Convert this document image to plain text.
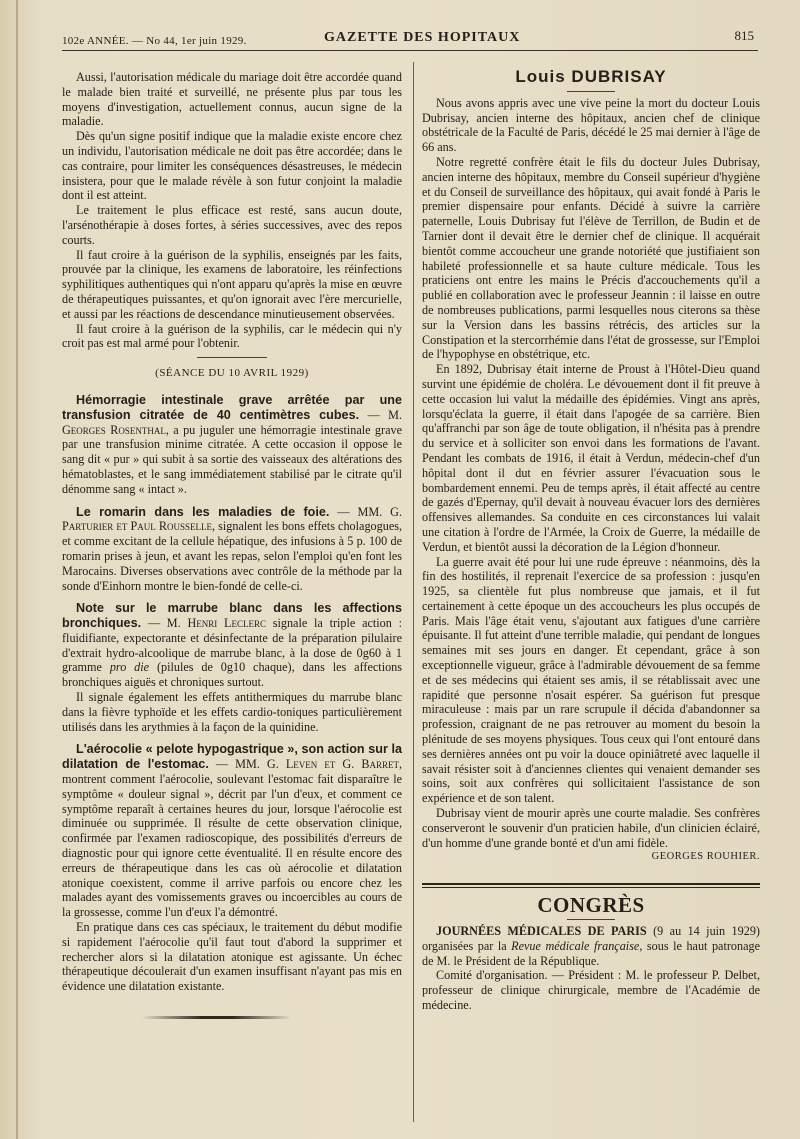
102e ANNÉE. — No 44, 1er juin 1929.	GAZETTE DES HOPITAUX	815

Aussi, l'autorisation médicale du mariage doit être accordée quand le malade bien traité et surveillé, ne présente plus par tous les moyens d'investigation, actuellement connus, aucun signe de la maladie.

Dès qu'un signe positif indique que la maladie existe encore chez un individu, l'autorisation médicale ne doit pas être accordée; dans le cas contraire, pour limiter les conséquences désastreuses, le médecin insistera, pour que le malade révèle à son futur conjoint la maladie dont il est atteint.

Le traitement le plus efficace est resté, sans aucun doute, l'arsénothérapie à doses fortes, à séries successives, avec des repos courts.

Il faut croire à la guérison de la syphilis, enseignés par les faits, prouvée par la clinique, les examens de laboratoire, les réinfections syphilitiques authentiques qui n'ont apparu qu'après la mise en œuvre de thérapeutiques puissantes, et qu'on ignorait avec l'ère mercurielle, et aussi par les réactions de descendance minutieusement observées.

Il faut croire à la guérison de la syphilis, car le médecin qui n'y croit pas est mal armé pour l'obtenir.

(SÉANCE DU 10 AVRIL 1929)

Hémorragie intestinale grave arrêtée par une transfusion citratée de 40 centimètres cubes. — M. Georges Rosenthal, a pu juguler une hémorragie intestinale grave par une transfusion minime citratée. A cette occasion il oppose le sang dit « pur » qui subit à sa sortie des vaisseaux des altérations des hématoblastes, et le sang immédiatement stabilisé par le citrate qu'il dénomme sang « intact ».

Le romarin dans les maladies de foie. — MM. G. Parturier et Paul Rousselle, signalent les bons effets cholagogues, et comme excitant de la cellule hépatique, des infusions à 5 p. 100 de romarin prises à jeun, et avant les repas, selon l'emploi qu'en font les Marocains. Diverses observations avec contrôle de la méthode par la sonde d'Einhorn montre le bien-fondé de celle-ci.

Note sur le marrube blanc dans les affections bronchiques. — M. Henri Leclerc signale la triple action : fluidifiante, expectorante et désinfectante de la préparation pilulaire d'extrait hydro-alcoolique de marrube blanc, à la dose de 0g60 à 1 gramme pro die (pilules de 0g10 chaque), dans les affections bronchiques aiguës et chroniques surtout.

Il signale également les effets antithermiques du marrube blanc dans la fièvre typhoïde et les effets cardio-toniques particulièrement utilisés dans les arythmies à la façon de la quinidine.

L'aérocolie « pelote hypogastrique », son action sur la dilatation de l'estomac. — MM. G. Leven et G. Barret, montrent comment l'aérocolie, soulevant l'estomac fait disparaître le symptôme « douleur signal », décrit par l'un d'eux, et comment ce symptôme reparaît à certaines heures du jour, lorsque l'aérocolie est diminuée ou supprimée. Il résulte de cette observation clinique, confirmée par l'examen radioscopique, des possibilités d'erreurs de diagnostic pour qui ignore cette éventualité. Il en résulte encore des erreurs de thérapeutique dans les cas où aérocolie et dilatation atonique coexistent, comme il arrive parfois ou encore chez les malades ayant des vomissements graves ou incoercibles au cours de la grossesse, comme l'un d'eux l'a démontré.

En pratique dans ces cas spéciaux, le traitement du début modifie si rapidement l'aérocolie qu'il faut tout d'abord la supprimer et rechercher alors si la dilatation atonique est agissante. Un échec thérapeutique découlerait d'un examen insuffisant n'ayant pas mis en évidence une dilatation existante.

Louis DUBRISAY

Nous avons appris avec une vive peine la mort du docteur Louis Dubrisay, ancien interne des hôpitaux, ancien chef de clinique obstétricale de la Faculté de Paris, décédé le 25 mai dernier à l'âge de 66 ans.

Notre regretté confrère était le fils du docteur Jules Dubrisay, ancien interne des hôpitaux, membre du Conseil supérieur d'hygiène et du Conseil de surveillance des hôpitaux, qui avait fondé à Paris le premier dispensaire pour enfants. Décidé à suivre la carrière paternelle, Louis Dubrisay fut l'élève de Terrillon, de Budin et de Tarnier dont il devait être le dernier chef de clinique. Il acquérait bientôt comme accoucheur une grande notoriété que justifiaient son habileté professionnelle et sa haute culture médicale. Tous les praticiens ont entre les mains le Précis d'accouchements qu'il a publié en collaboration avec le professeur Jeannin : il laisse en outre de nombreuses publications, parmi lesquelles nous citerons sa thèse sur la Version dans les bassins rétrécis, des articles sur la Constipation et la stercorrhémie dans l'état de grossesse, sur l'Emploi de l'hypophyse en obstétrique, etc.

En 1892, Dubrisay était interne de Proust à l'Hôtel-Dieu quand survint une épidémie de choléra. Le dévouement dont il fit preuve à cette occasion lui valut la médaille des épidémies. Vingt ans après, lorsqu'éclata la guerre, il était dans l'apogée de sa carrière. Bien qu'affranchi par son âge de toute obligation, il n'hésita pas à prendre du service et à solliciter son envoi dans les formations de l'avant. Pendant les combats de 1916, il était à Verdun, médecin-chef d'un hôpital dont il dut en février assurer l'évacuation sous le bombardement ennemi. Peu de temps après, il était affecté au centre de gazés d'Epernay, qu'il devait à nouveau évacuer lors des dernières offensives allemandes. Sa conduite en ces circonstances lui valait une citation à l'ordre de l'Armée, la Croix de Guerre, la médaille de Verdun, et bientôt aussi la décoration de la Légion d'honneur.

La guerre avait été pour lui une rude épreuve : néanmoins, dès la fin des hostilités, il reprenait l'exercice de sa profession : jusqu'en 1925, sa clientèle fut plus nombreuse que jamais, et il fut certainement à cette époque un des accoucheurs les plus occupés de Paris. Mais l'âge était venu, s'ajoutant aux fatigues d'une carrière épuisante. Il fut atteint d'une terrible maladie, qui pendant de longues semaines mit ses jours en danger. Et cependant, grâce à son exceptionnelle vigueur, grâce à l'admirable dévouement de sa femme et de ses médecins qui étaient ses amis, il se rétablissait avec une rapidité que personne n'osait espérer. Sa guérison fut presque miraculeuse : mais par un rare scrupule il décida d'abandonner sa profession, craignant de ne pas retrouver au moment du besoin la plénitude de ses moyens physiques. Tous ceux qui l'ont entouré dans ses dernières années ont pu voir la douce opiniâtreté avec laquelle il savait résister soit à d'anciennes clientes qui venaient demander ses soins, soit aux confrères qui sollicitaient l'assistance de son expérience et de son talent.

Dubrisay vient de mourir après une courte maladie. Ses confrères conserveront le souvenir d'un praticien habile, d'un clinicien éclairé, d'un homme d'une grande bonté et d'un ami fidèle.

GEORGES ROUHIER.
CONGRÈS

JOURNÉES MÉDICALES DE PARIS (9 au 14 juin 1929) organisées par la Revue médicale française, sous le haut patronage de M. le Président de la République.

Comité d'organisation. — Président : M. le professeur P. Delbet, professeur de clinique chirurgicale, membre de l'Académie de médecine.
